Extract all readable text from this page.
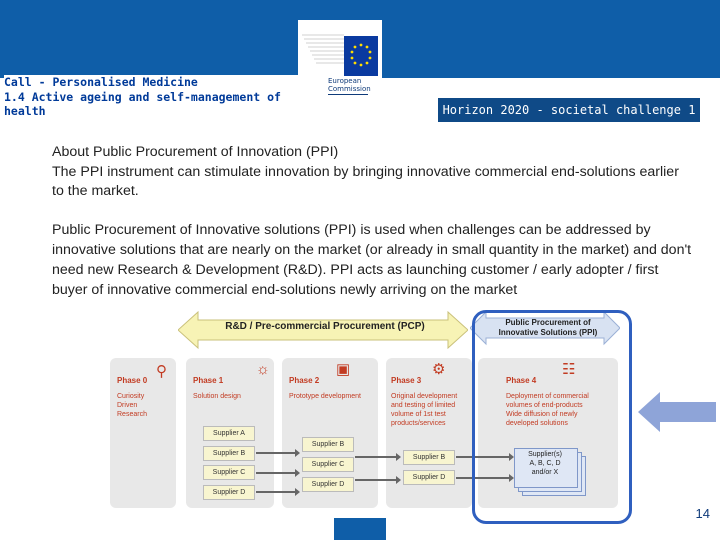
European
Commission
Call - Personalised Medicine
1.4 Active ageing and self-management of
health	Horizon 2020 - societal challenge 1
About Public Procurement of Innovation (PPI)
The PPI instrument can stimulate innovation by bringing innovative commercial end-solutions earlier to the market.
Public Procurement of Innovative solutions (PPI) is used when challenges can be addressed by innovative solutions that are nearly on the market (or already in small quantity in the market) and don't need new Research & Development (R&D). PPI acts as launching customer / early adopter / first buyer of innovative commercial end-solutions newly arriving on the market
R&D / Pre-commercial Procurement (PCP)	Public Procurement of
Innovative Solutions (PPI)
⚲	☼	▣	⚙	☷
Phase 0	Phase 1	Phase 2	Phase 3	Phase 4
Curiosity
Driven
Research
Solution design	Prototype development	Original development
and testing of limited
volume of 1st test
products/services
Deployment of commercial
volumes of end-products
Wide diffusion of newly
developed solutions
Supplier A
Supplier B
Supplier C
Supplier D
Supplier B
Supplier C
Supplier D
Supplier B
Supplier D
Supplier(s)
A, B, C, D
and/or X
14
